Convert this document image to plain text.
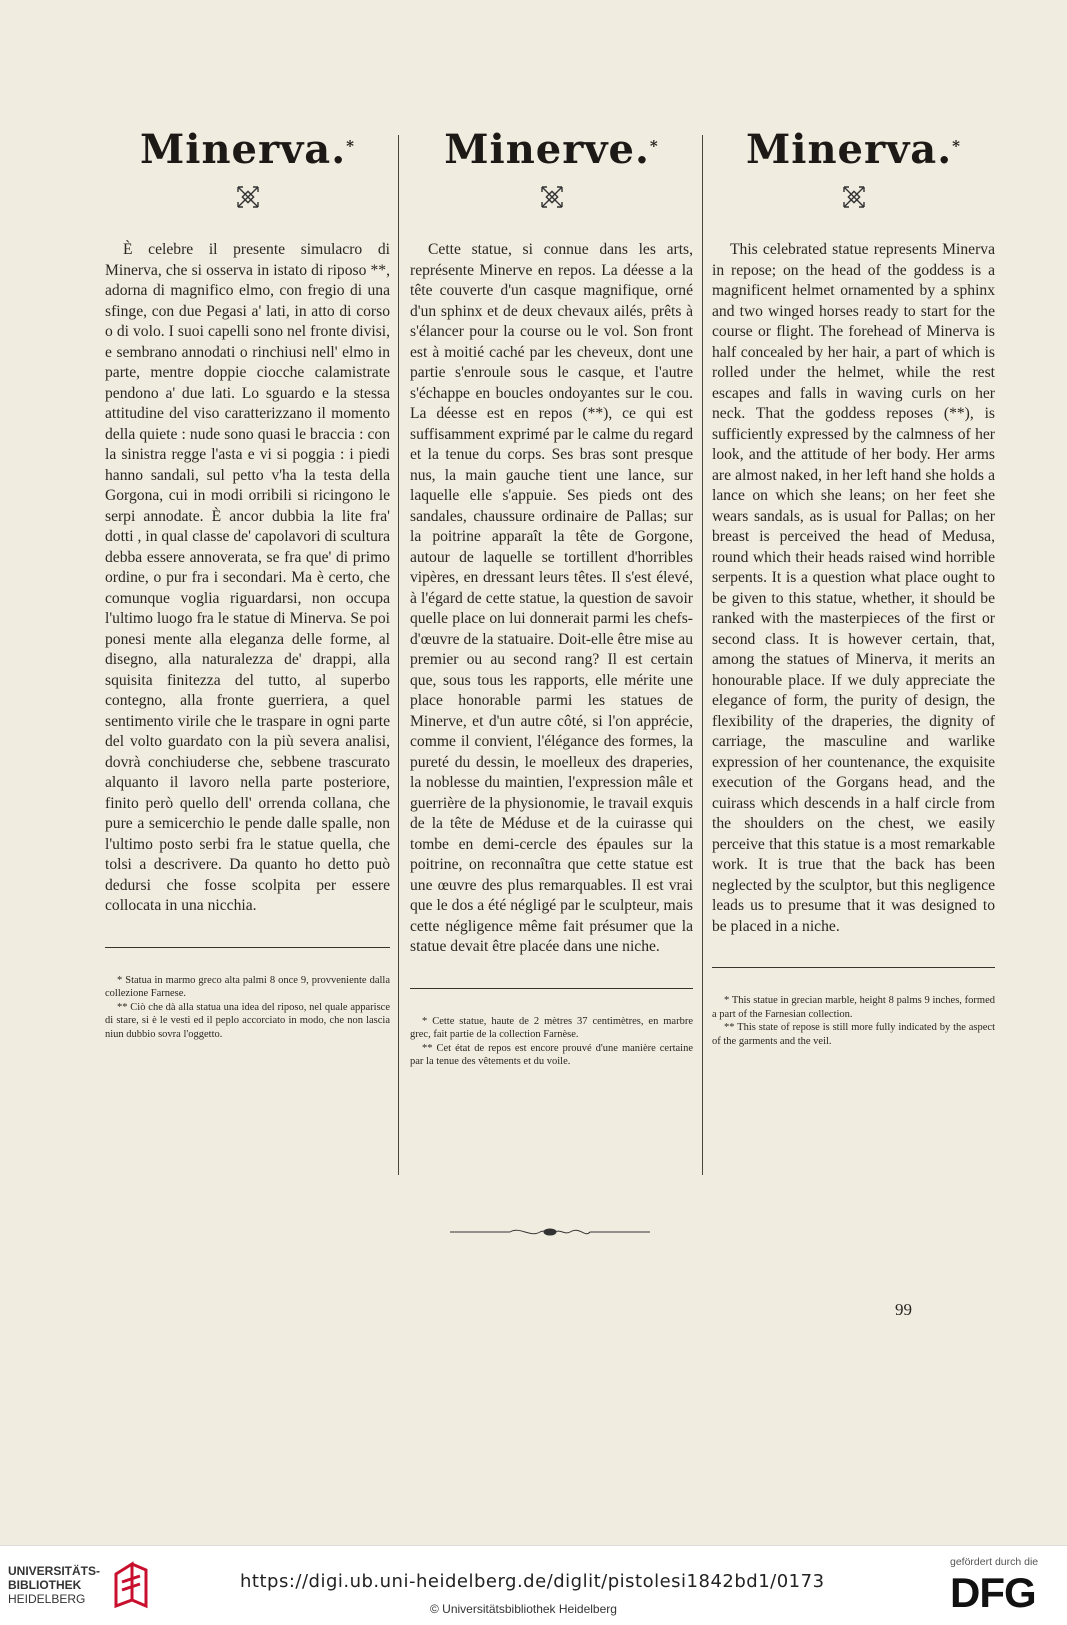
Minerva.*
È celebre il presente simulacro di Minerva, che si osserva in istato di riposo **, adorna di magnifico elmo, con fregio di una sfinge, con due Pegasi a' lati, in atto di corso o di volo. I suoi capelli sono nel fronte divisi, e sembrano annodati o rinchiusi nell' elmo in parte, mentre doppie ciocche calamistrate pendono a' due lati. Lo sguardo e la stessa attitudine del viso caratterizzano il momento della quiete : nude sono quasi le braccia : con la sinistra regge l'asta e vi si poggia : i piedi hanno sandali, sul petto v'ha la testa della Gorgona, cui in modi orribili si ricingono le serpi annodate. È ancor dubbia la lite fra' dotti , in qual classe de' capolavori di scultura debba essere annoverata, se fra que' di primo ordine, o pur fra i secondari. Ma è certo, che comunque voglia riguardarsi, non occupa l'ultimo luogo fra le statue di Minerva. Se poi ponesi mente alla eleganza delle forme, al disegno, alla naturalezza de' drappi, alla squisita finitezza del tutto, al superbo contegno, alla fronte guerriera, a quel sentimento virile che le traspare in ogni parte del volto guardato con la più severa analisi, dovrà conchiuderse che, sebbene trascurato alquanto il lavoro nella parte posteriore, finito però quello dell' orrenda collana, che pure a semicerchio le pende dalle spalle, non l'ultimo posto serbi fra le statue quella, che tolsi a descrivere. Da quanto ho detto può dedursi che fosse scolpita per essere collocata in una nicchia.

* Statua in marmo greco alta palmi 8 once 9, provveniente dalla collezione Farnese.

** Ciò che dà alla statua una idea del riposo, nel quale apparisce di stare, si è le vesti ed il peplo accorciato in modo, che non lascia niun dubbio sovra l'oggetto.

Minerve.*
Cette statue, si connue dans les arts, représente Minerve en repos. La déesse a la tête couverte d'un casque magnifique, orné d'un sphinx et de deux chevaux ailés, prêts à s'élancer pour la course ou le vol. Son front est à moitié caché par les cheveux, dont une partie s'enroule sous le casque, et l'autre s'échappe en boucles ondoyantes sur le cou. La déesse est en repos (**), ce qui est suffisamment exprimé par le calme du regard et la tenue du corps. Ses bras sont presque nus, la main gauche tient une lance, sur laquelle elle s'appuie. Ses pieds ont des sandales, chaussure ordinaire de Pallas; sur la poitrine apparaît la tête de Gorgone, autour de laquelle se tortillent d'horribles vipères, en dressant leurs têtes. Il s'est élevé, à l'égard de cette statue, la question de savoir quelle place on lui donnerait parmi les chefs-d'œuvre de la statuaire. Doit-elle être mise au premier ou au second rang? Il est certain que, sous tous les rapports, elle mérite une place honorable parmi les statues de Minerve, et d'un autre côté, si l'on apprécie, comme il convient, l'élégance des formes, la pureté du dessin, le moelleux des draperies, la noblesse du maintien, l'expression mâle et guerrière de la physionomie, le travail exquis de la tête de Méduse et de la cuirasse qui tombe en demi-cercle des épaules sur la poitrine, on reconnaîtra que cette statue est une œuvre des plus remarquables. Il est vrai que le dos a été négligé par le sculpteur, mais cette négligence même fait présumer que la statue devait être placée dans une niche.

* Cette statue, haute de 2 mètres 37 centimètres, en marbre grec, fait partie de la collection Farnèse.

** Cet état de repos est encore prouvé d'une manière certaine par la tenue des vêtements et du voile.

Minerva.*
This celebrated statue represents Minerva in repose; on the head of the goddess is a magnificent helmet ornamented by a sphinx and two winged horses ready to start for the course or flight. The forehead of Minerva is half concealed by her hair, a part of which is rolled under the helmet, while the rest escapes and falls in waving curls on her neck. That the goddess reposes (**), is sufficiently expressed by the calmness of her look, and the attitude of her body. Her arms are almost naked, in her left hand she holds a lance on which she leans; on her feet she wears sandals, as is usual for Pallas; on her breast is perceived the head of Medusa, round which their heads raised wind horrible serpents. It is a question what place ought to be given to this statue, whether, it should be ranked with the masterpieces of the first or second class. It is however certain, that, among the statues of Minerva, it merits an honourable place. If we duly appreciate the elegance of form, the purity of design, the flexibility of the draperies, the dignity of carriage, the masculine and warlike expression of her countenance, the exquisite execution of the Gorgans head, and the cuirass which descends in a half circle from the shoulders on the chest, we easily perceive that this statue is a most remarkable work. It is true that the back has been neglected by the sculptor, but this negligence leads us to presume that it was designed to be placed in a niche.

* This statue in grecian marble, height 8 palms 9 inches, formed a part of the Farnesian collection.

** This state of repose is still more fully indicated by the aspect of the garments and the veil.

99
UNIVERSITÄTS-
BIBLIOTHEK
HEIDELBERG
https://digi.ub.uni-heidelberg.de/diglit/pistolesi1842bd1/0173
© Universitätsbibliothek Heidelberg
gefördert durch die
DFG
